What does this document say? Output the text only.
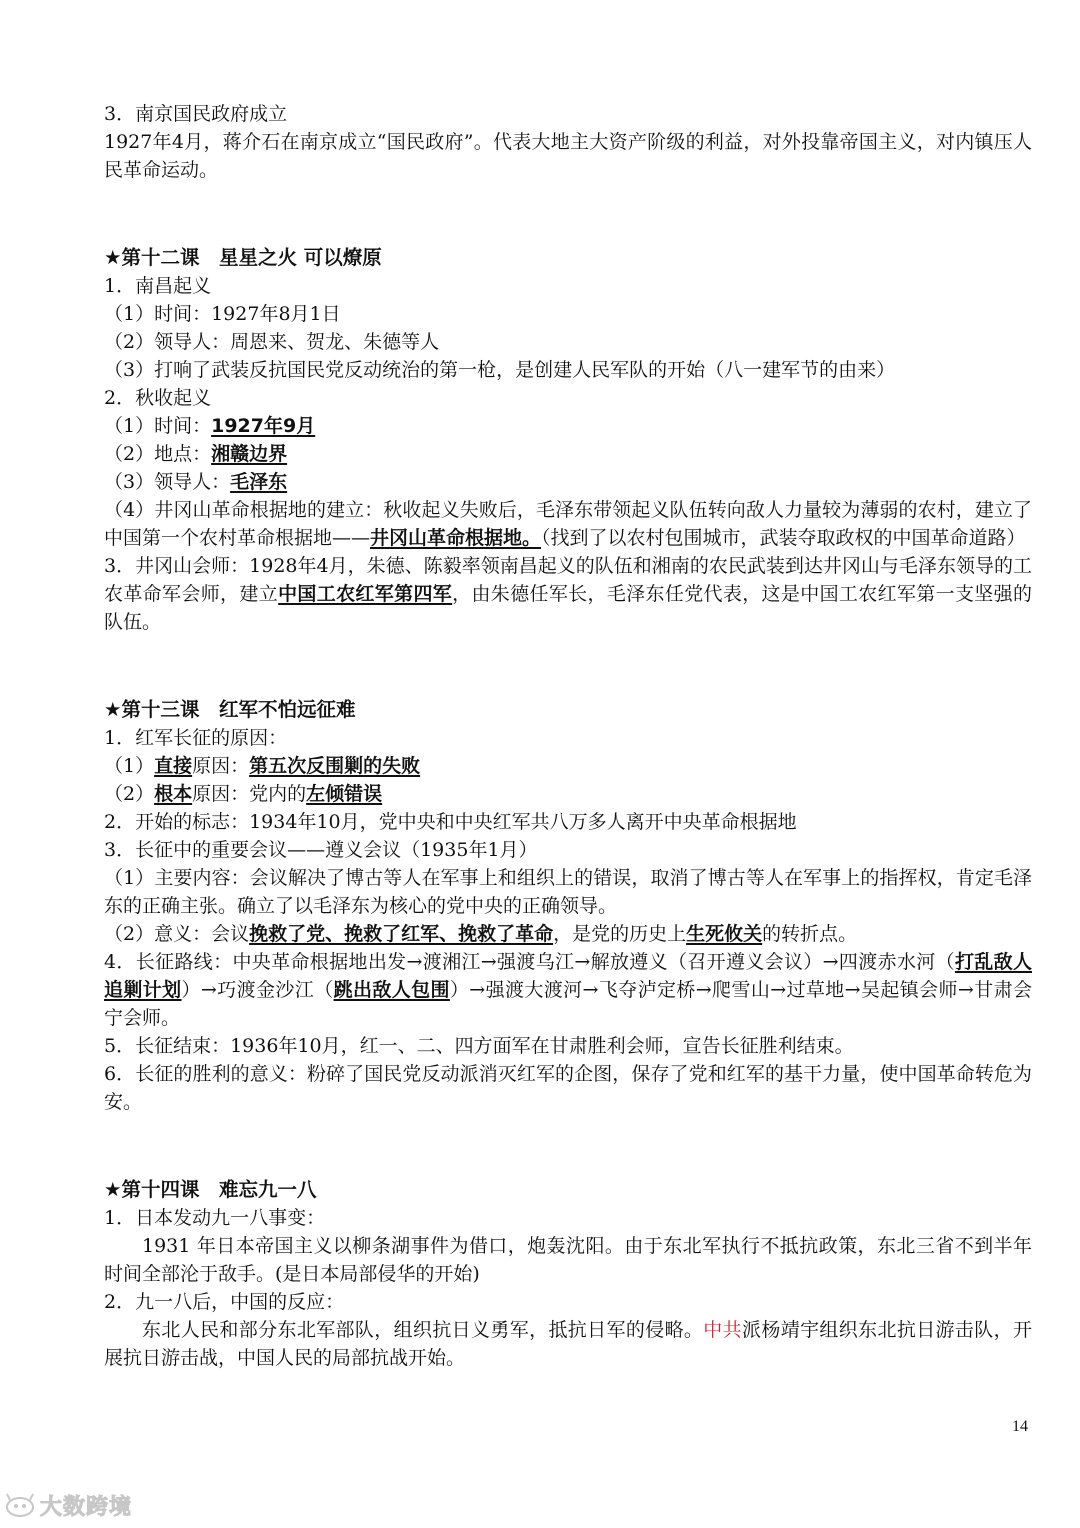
3．南京国民政府成立

1927年4月，蒋介石在南京成立“国民政府”。代表大地主大资产阶级的利益，对外投靠帝国主义，对内镇压人民革命运动。

★第十二课　星星之火 可以燎原

1．南昌起义

（1）时间：1927年8月1日

（2）领导人：周恩来、贺龙、朱德等人

（3）打响了武装反抗国民党反动统治的第一枪，是创建人民军队的开始（八一建军节的由来）

2．秋收起义

（1）时间：1927年9月

（2）地点：湘赣边界

（3）领导人：毛泽东

（4）井冈山革命根据地的建立：秋收起义失败后，毛泽东带领起义队伍转向敌人力量较为薄弱的农村，建立了中国第一个农村革命根据地——井冈山革命根据地。（找到了以农村包围城市，武装夺取政权的中国革命道路）

3．井冈山会师：1928年4月，朱德、陈毅率领南昌起义的队伍和湘南的农民武装到达井冈山与毛泽东领导的工农革命军会师，建立中国工农红军第四军，由朱德任军长，毛泽东任党代表，这是中国工农红军第一支坚强的队伍。

★第十三课　红军不怕远征难

1．红军长征的原因：

（1）直接原因：第五次反围剿的失败

（2）根本原因：党内的左倾错误

2．开始的标志：1934年10月，党中央和中央红军共八万多人离开中央革命根据地

3．长征中的重要会议——遵义会议（1935年1月）

（1）主要内容：会议解决了博古等人在军事上和组织上的错误，取消了博古等人在军事上的指挥权，肯定毛泽东的正确主张。确立了以毛泽东为核心的党中央的正确领导。

（2）意义：会议挽救了党、挽救了红军、挽救了革命，是党的历史上生死攸关的转折点。

4．长征路线：中央革命根据地出发→渡湘江→强渡乌江→解放遵义（召开遵义会议）→四渡赤水河（打乱敌人追剿计划）→巧渡金沙江（跳出敌人包围）→强渡大渡河→飞夺泸定桥→爬雪山→过草地→吴起镇会师→甘肃会宁会师。

5．长征结束：1936年10月，红一、二、四方面军在甘肃胜利会师，宣告长征胜利结束。

6．长征的胜利的意义：粉碎了国民党反动派消灭红军的企图，保存了党和红军的基干力量，使中国革命转危为安。

★第十四课　难忘九一八

1．日本发动九一八事变：

1931 年日本帝国主义以柳条湖事件为借口，炮轰沈阳。由于东北军执行不抵抗政策，东北三省不到半年时间全部沦于敌手。(是日本局部侵华的开始)

2．九一八后，中国的反应：

东北人民和部分东北军部队，组织抗日义勇军，抵抗日军的侵略。中共派杨靖宇组织东北抗日游击队，开展抗日游击战，中国人民的局部抗战开始。

14
大数跨境
